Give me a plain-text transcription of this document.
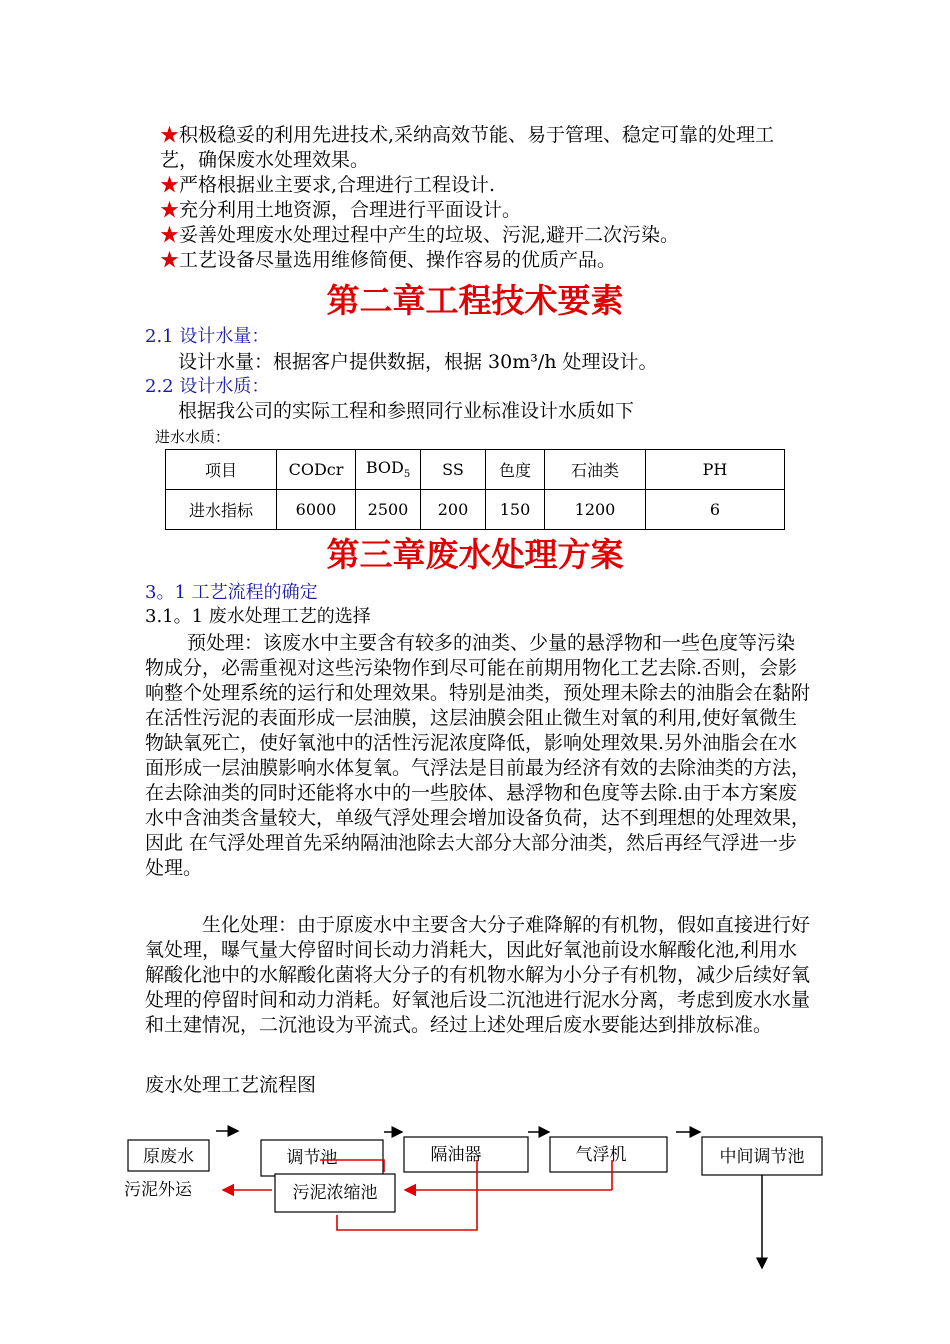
★积极稳妥的利用先进技术,采纳高效节能、易于管理、稳定可靠的处理工艺，确保废水处理效果。

★严格根据业主要求,合理进行工程设计.

★充分利用土地资源，合理进行平面设计。

★妥善处理废水处理过程中产生的垃圾、污泥,避开二次污染。

★工艺设备尽量选用维修简便、操作容易的优质产品。

第二章工程技术要素
2.1 设计水量：
设计水量：根据客户提供数据，根据 30m³/h 处理设计。
2.2 设计水质：
根据我公司的实际工程和参照同行业标准设计水质如下
进水水质：
项目	CODcr	$BOD_5$	SS	色度	石油类	PH
进水指标	6000	2500	200	150	1200	6
第三章废水处理方案
3。1 工艺流程的确定
3.1。1 废水处理工艺的选择
预处理：该废水中主要含有较多的油类、少量的悬浮物和一些色度等污染物成分，必需重视对这些污染物作到尽可能在前期用物化工艺去除.否则，会影响整个处理系统的运行和处理效果。特别是油类，预处理未除去的油脂会在黏附在活性污泥的表面形成一层油膜，这层油膜会阻止微生对氧的利用,使好氧微生物缺氧死亡，使好氧池中的活性污泥浓度降低，影响处理效果.另外油脂会在水面形成一层油膜影响水体复氧。气浮法是目前最为经济有效的去除油类的方法，在去除油类的同时还能将水中的一些胶体、悬浮物和色度等去除.由于本方案废水中含油类含量较大，单级气浮处理会增加设备负荷，达不到理想的处理效果，因此 在气浮处理首先采纳隔油池除去大部分大部分油类，然后再经气浮进一步处理。
生化处理：由于原废水中主要含大分子难降解的有机物，假如直接进行好氧处理，曝气量大停留时间长动力消耗大，因此好氧池前设水解酸化池,利用水解酸化池中的水解酸化菌将大分子的有机物水解为小分子有机物，减少后续好氧处理的停留时间和动力消耗。好氧池后设二沉池进行泥水分离，考虑到废水水量和土建情况，二沉池设为平流式。经过上述处理后废水要能达到排放标准。
废水处理工艺流程图
原废水	调节池	隔油器	气浮机	中间调节池
污泥浓缩池
污泥外运
